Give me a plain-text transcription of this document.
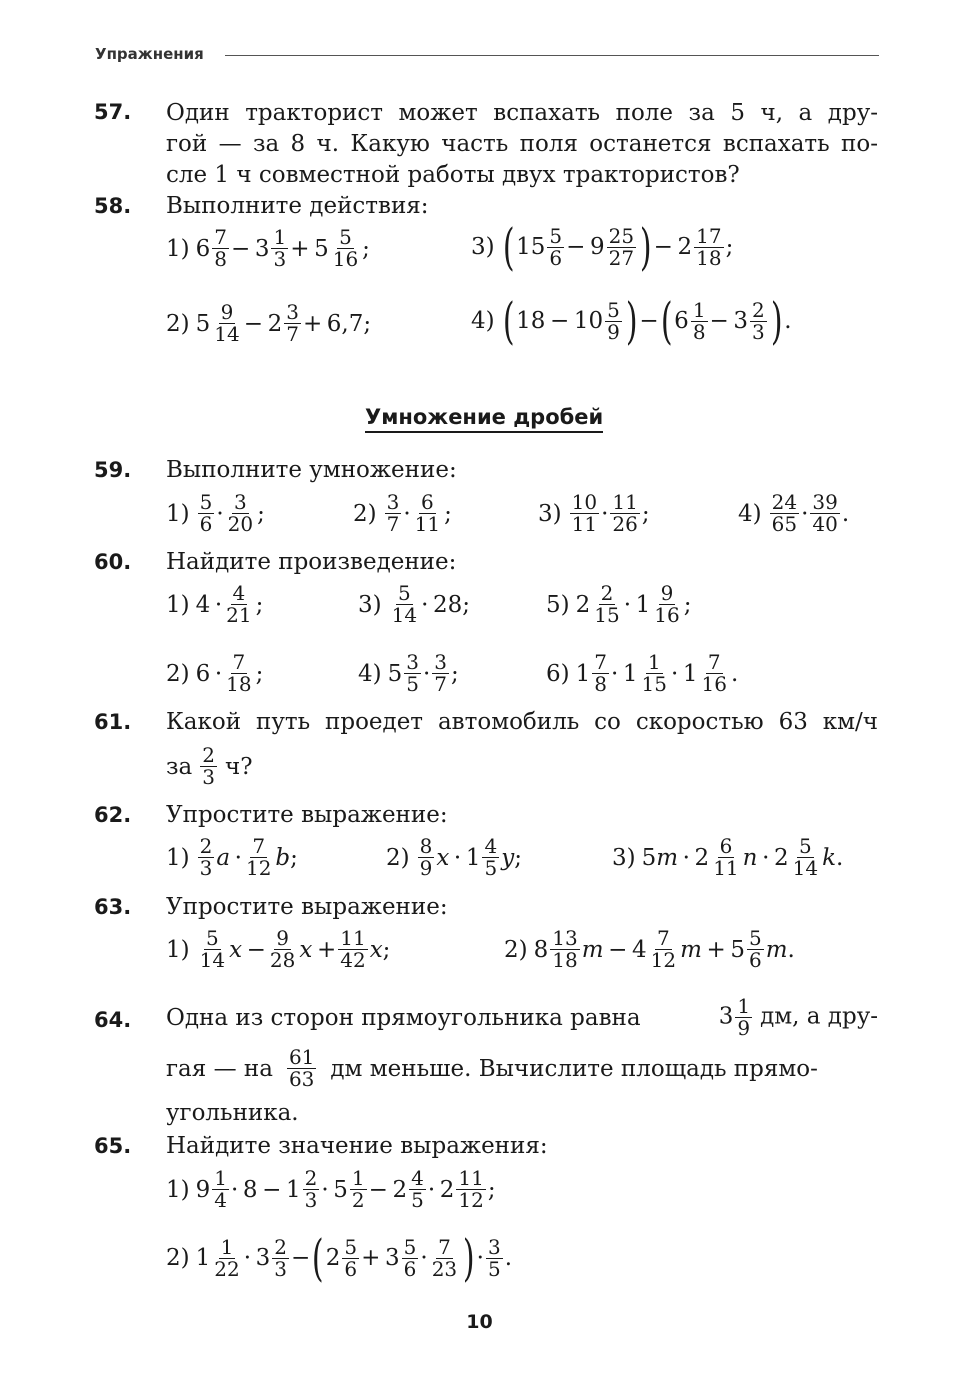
Упражнения
57. Один тракторист может вспахать поле за 5 ч, а дру-
гой — за 8 ч. Какую часть поля останется вспахать по-
сле 1 ч совместной работы двух трактористов?
58. Выполните действия:
1) 6 7
8 − 3 1
3 + 5 5
16 ;	3) ( 15 5
6 − 9 25
27 ) − 2 17
18 ;
2) 5 9
14 − 2 3
7 + 6,7;	4) ( 18 − 10 5
9 ) − ( 6 1
8 − 3 2
3 ) .
Умножение дробей
59. Выполните умножение:
1) 5
6 · 3
20 ;	2) 3
7 · 6
11 ;	3) 10
11 · 11
26 ;	4) 24
65 · 39
40 .
60. Найдите произведение:
1) 4 · 4
21 ;	3) 5
14 · 28;	5) 2 2
15 · 1 9
16 ;
2) 6 · 7
18 ;	4) 5 3
5 · 3
7 ;	6) 1 7
8 · 1 1
15 · 1 7
16 .
61. Какой путь проедет автомобиль со скоростью 63 км/ч
за 2
3 ч?
62. Упростите выражение:
1) 2
3 a  · 7
12 b ;	2) 8
9 x  · 1 4
5 y ;	3) 5 m  · 2 6
11 n  · 2 5
14 k .
63. Упростите выражение:
1) 5
14 x  − 9
28 x  + 11
42 x ;	2) 8 13
18 m  − 4 7
12 m  + 5 5
6 m .
64. Одна из сторон прямоугольника равна	$3 \frac{1}{9}$ дм, а дру-
гая — на 61
63 дм меньше. Вычислите площадь прямо-
угольника.
65. Найдите значение выражения:
1) 9 1
4 · 8 − 1 2
3 · 5 1
2 − 2 4
5 · 2 11
12 ;
2) 1 1
22 · 3 2
3 − ( 2 5
6 + 3 5
6 · 7
23 ) · 3
5 .
10
